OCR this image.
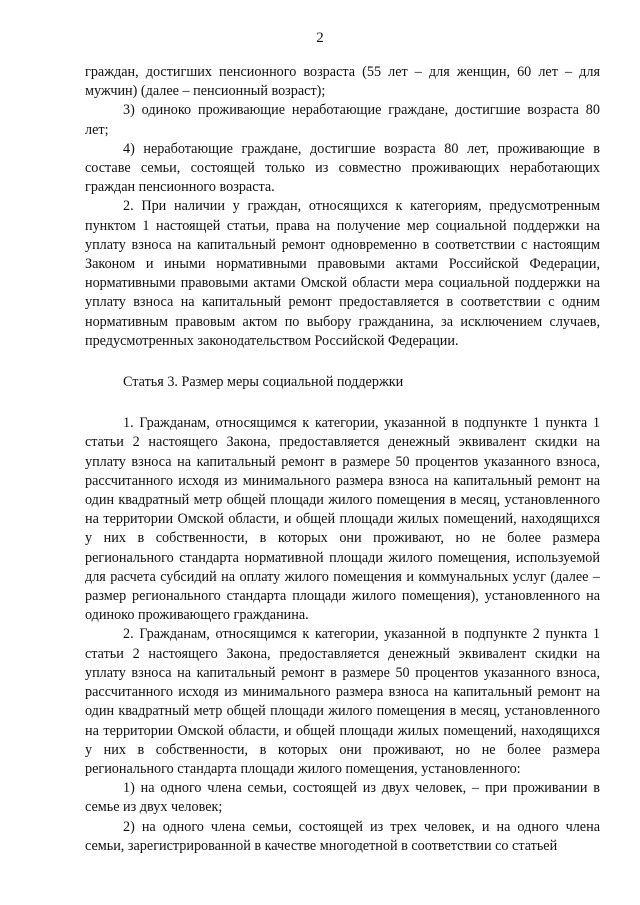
2

граждан, достигших пенсионного возраста (55 лет – для женщин, 60 лет – для мужчин) (далее – пенсионный возраст);

3) одиноко проживающие неработающие граждане, достигшие возраста 80 лет;

4) неработающие граждане, достигшие возраста 80 лет, проживающие в составе семьи, состоящей только из совместно проживающих неработающих граждан пенсионного возраста.

2. При наличии у граждан, относящихся к категориям, предусмотренным пунктом 1 настоящей статьи, права на получение мер социальной поддержки на уплату взноса на капитальный ремонт одновременно в соответствии с настоящим Законом и иными нормативными правовыми актами Российской Федерации, нормативными правовыми актами Омской области мера социальной поддержки на уплату взноса на капитальный ремонт предоставляется в соответствии с одним нормативным правовым актом по выбору гражданина, за исключением случаев, предусмотренных законодательством Российской Федерации.

Статья 3. Размер меры социальной поддержки

1. Гражданам, относящимся к категории, указанной в подпункте 1 пункта 1 статьи 2 настоящего Закона, предоставляется денежный эквивалент скидки на уплату взноса на капитальный ремонт в размере 50 процентов указанного взноса, рассчитанного исходя из минимального размера взноса на капитальный ремонт на один квадратный метр общей площади жилого помещения в месяц, установленного на территории Омской области, и общей площади жилых помещений, находящихся у них в собственности, в которых они проживают, но не более размера регионального стандарта нормативной площади жилого помещения, используемой для расчета субсидий на оплату жилого помещения и коммунальных услуг (далее – размер регионального стандарта площади жилого помещения), установленного на одиноко проживающего гражданина.

2. Гражданам, относящимся к категории, указанной в подпункте 2 пункта 1 статьи 2 настоящего Закона, предоставляется денежный эквивалент скидки на уплату взноса на капитальный ремонт в размере 50 процентов указанного взноса, рассчитанного исходя из минимального размера взноса на капитальный ремонт на один квадратный метр общей площади жилого помещения в месяц, установленного на территории Омской области, и общей площади жилых помещений, находящихся у них в собственности, в которых они проживают, но не более размера регионального стандарта площади жилого помещения, установленного:

1) на одного члена семьи, состоящей из двух человек, – при проживании в семье из двух человек;

2) на одного члена семьи, состоящей из трех человек, и на одного члена семьи, зарегистрированной в качестве многодетной в соответствии со статьей
